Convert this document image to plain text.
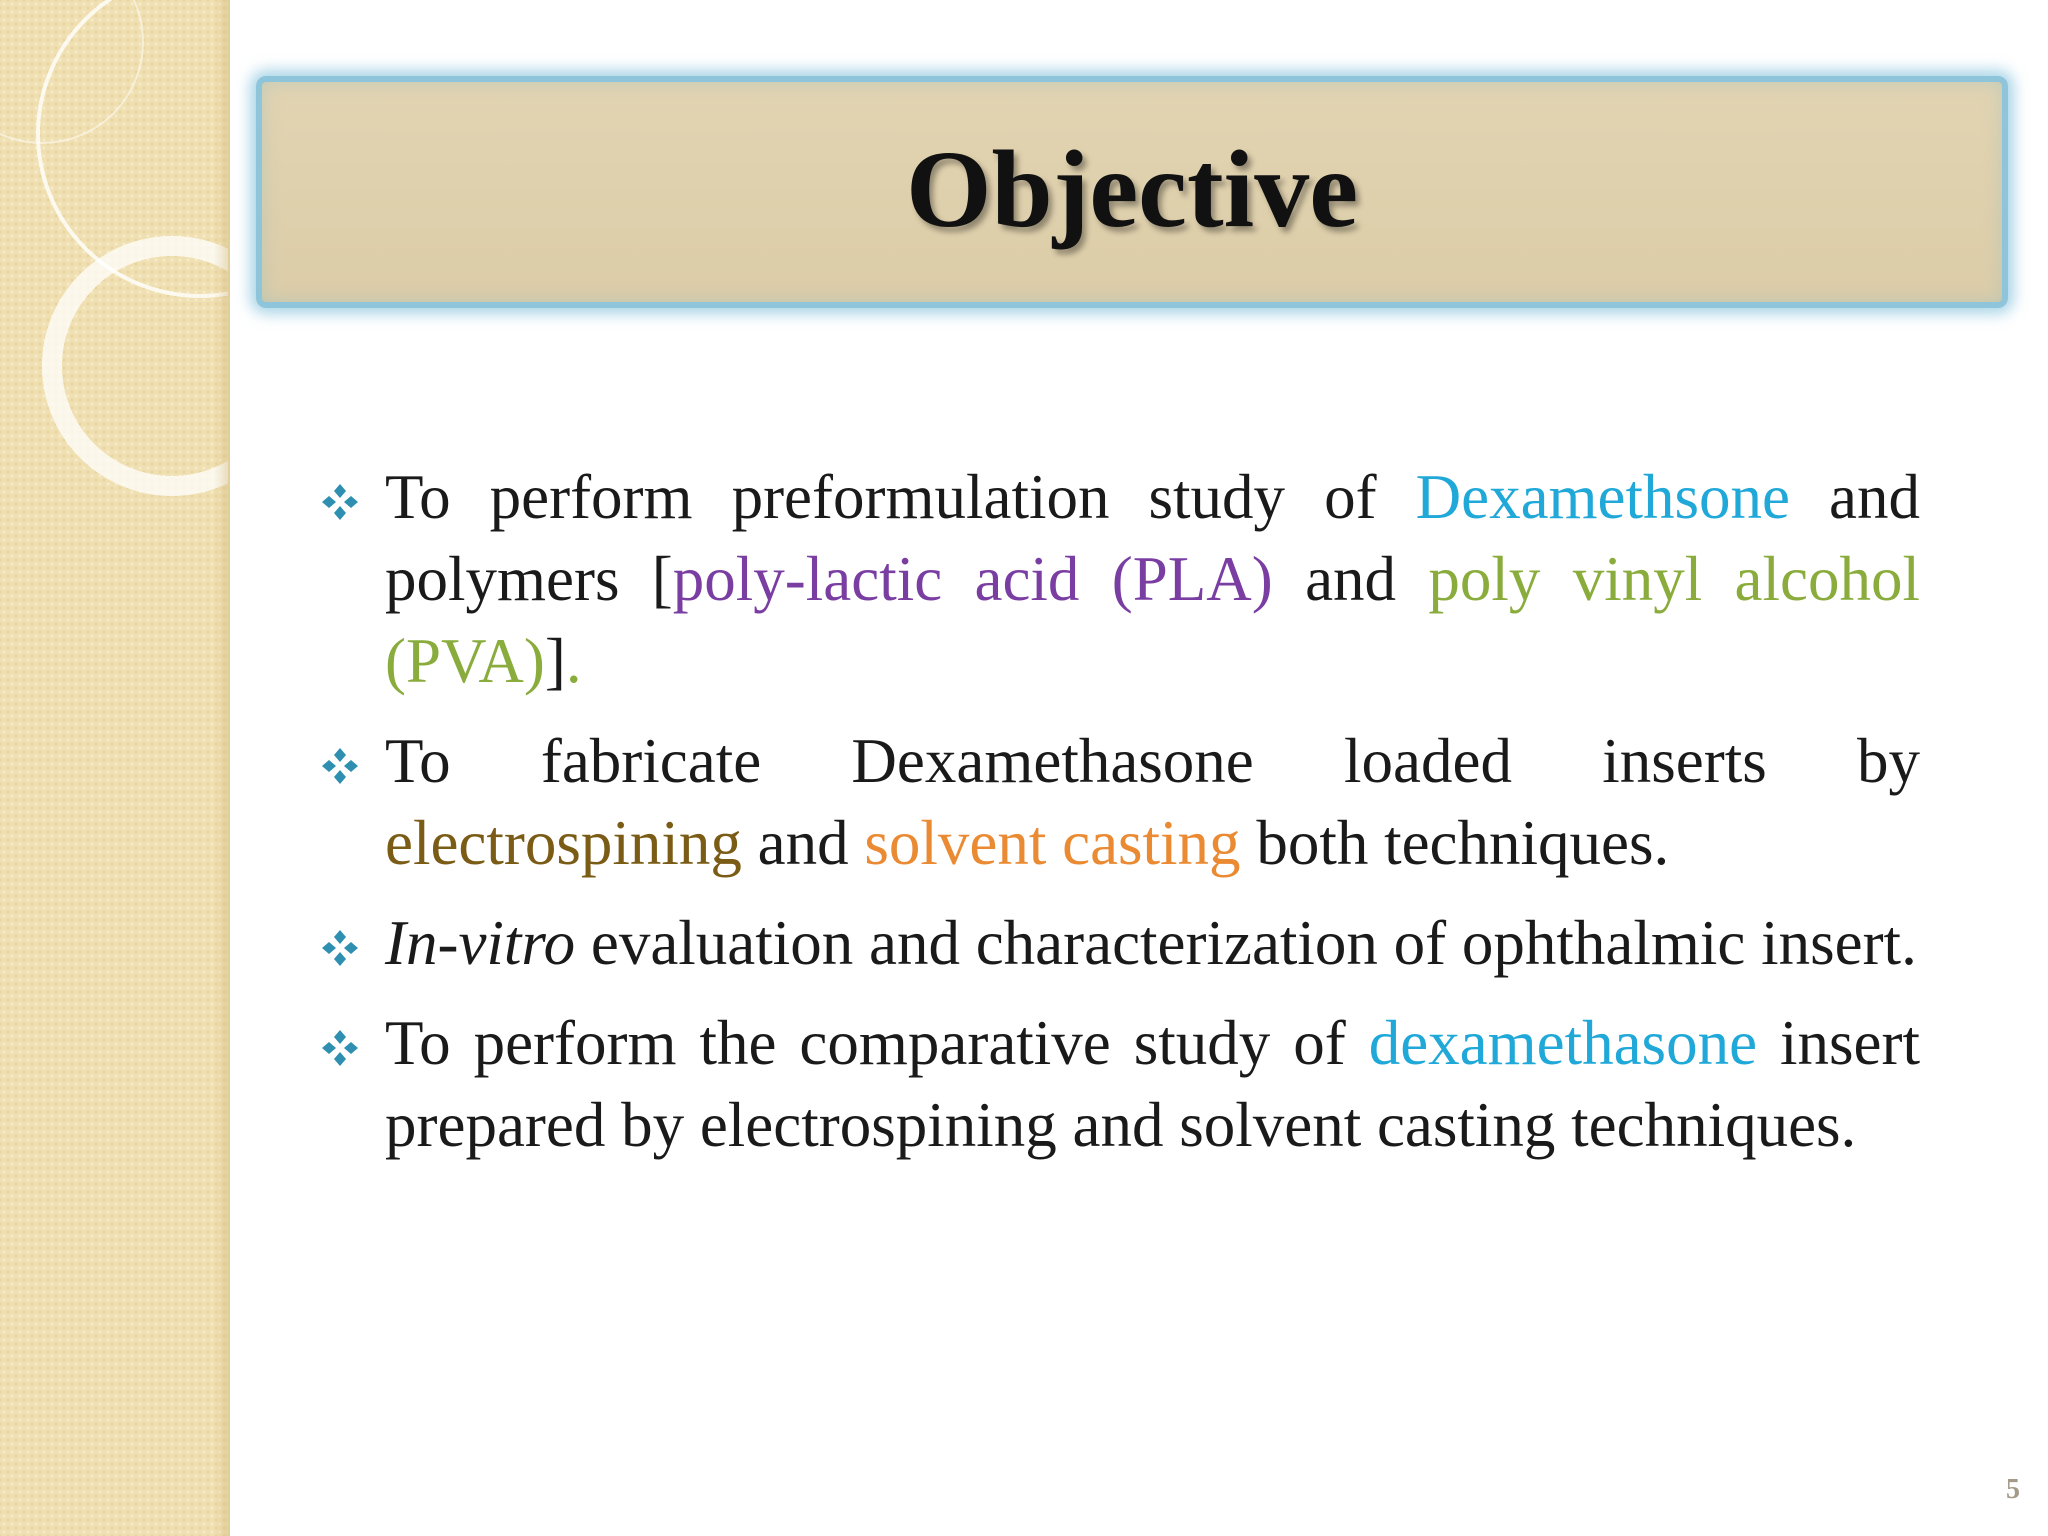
Objective
To perform preformulation study of Dexamethsone and polymers [poly-lactic acid (PLA) and poly vinyl alcohol (PVA)].
To fabricate Dexamethasone loaded inserts by electrospining and solvent casting both techniques.
In-vitro evaluation and characterization of ophthalmic insert.
To perform the comparative study of dexamethasone insert prepared by electrospining and solvent casting techniques.
5
